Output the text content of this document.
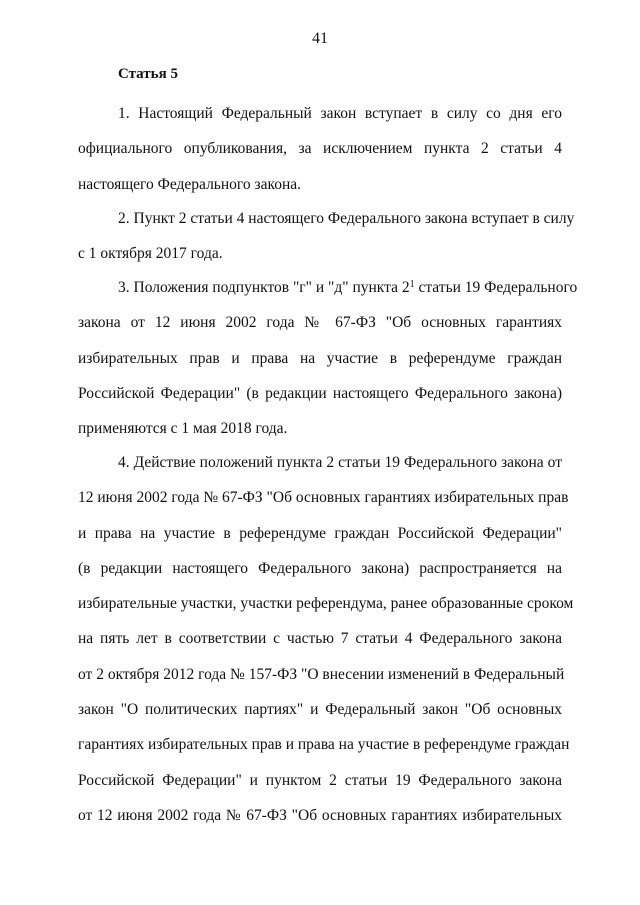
41
Статья 5
1. Настоящий Федеральный закон вступает в силу со дня его
официального опубликования, за исключением пункта 2 статьи 4
настоящего Федерального закона.
2. Пункт 2 статьи 4 настоящего Федерального закона вступает в силу
с 1 октября 2017 года.
3. Положения подпунктов "г" и "д" пункта $2^1$ статьи 19 Федерального
закона от 12 июня 2002 года № 67-ФЗ "Об основных гарантиях
избирательных прав и права на участие в референдуме граждан
Российской Федерации" (в редакции настоящего Федерального закона)
применяются с 1 мая 2018 года.
4. Действие положений пункта 2 статьи 19 Федерального закона от
12 июня 2002 года № 67-ФЗ "Об основных гарантиях избирательных прав
и права на участие в референдуме граждан Российской Федерации"
(в редакции настоящего Федерального закона) распространяется на
избирательные участки, участки референдума, ранее образованные сроком
на пять лет в соответствии с частью 7 статьи 4 Федерального закона
от 2 октября 2012 года № 157-ФЗ "О внесении изменений в Федеральный
закон "О политических партиях" и Федеральный закон "Об основных
гарантиях избирательных прав и права на участие в референдуме граждан
Российской Федерации" и пунктом 2 статьи 19 Федерального закона
от 12 июня 2002 года № 67-ФЗ "Об основных гарантиях избирательных
